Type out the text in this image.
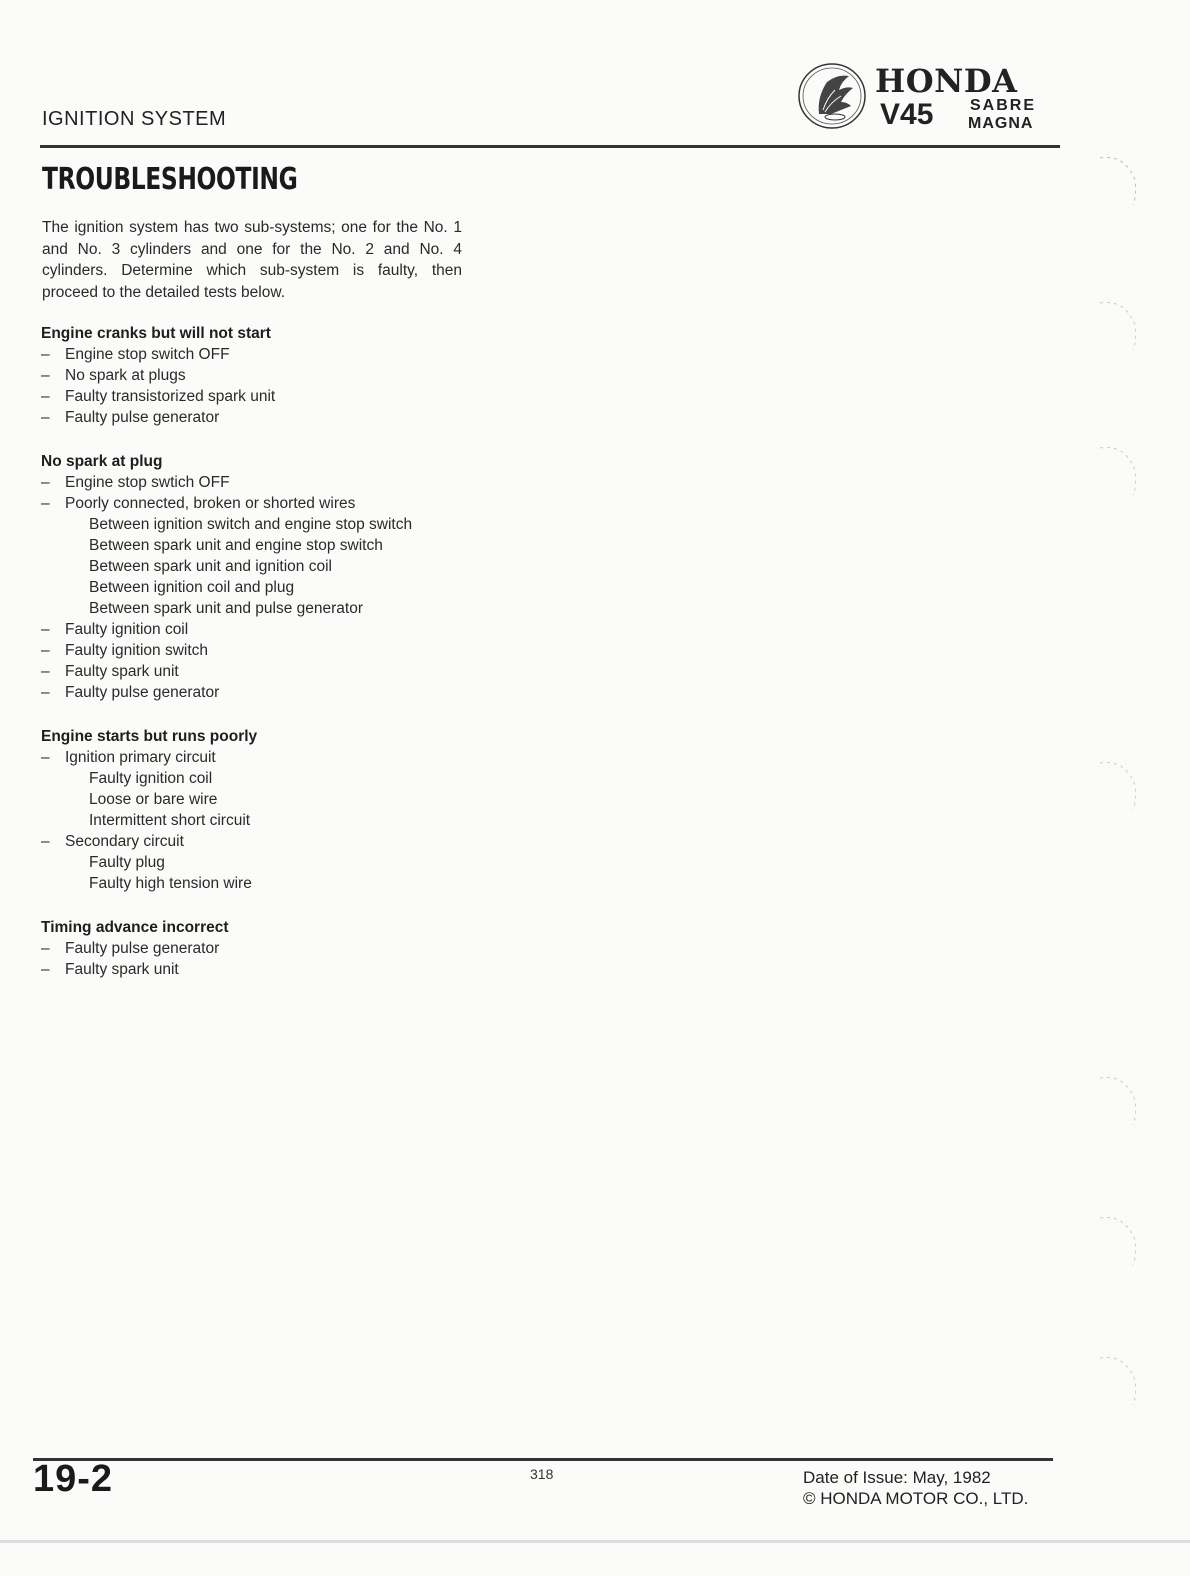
IGNITION SYSTEM
HONDA
V45 SABRE
MAGNA
TROUBLESHOOTING
The ignition system has two sub-systems; one for the No. 1 and No. 3 cylinders and one for the No. 2 and No. 4 cylinders. Determine which sub-system is faulty, then proceed to the detailed tests below.
Engine cranks but will not start
– Engine stop switch OFF
– No spark at plugs
– Faulty transistorized spark unit
– Faulty pulse generator
No spark at plug
– Engine stop swtich OFF
– Poorly connected, broken or shorted wires
Between ignition switch and engine stop switch
Between spark unit and engine stop switch
Between spark unit and ignition coil
Between ignition coil and plug
Between spark unit and pulse generator
– Faulty ignition coil
– Faulty ignition switch
– Faulty spark unit
– Faulty pulse generator
Engine starts but runs poorly
– Ignition primary circuit
Faulty ignition coil
Loose or bare wire
Intermittent short circuit
– Secondary circuit
Faulty plug
Faulty high tension wire
Timing advance incorrect
– Faulty pulse generator
– Faulty spark unit
19-2	318	Date of Issue: May, 1982
© HONDA MOTOR CO., LTD.
